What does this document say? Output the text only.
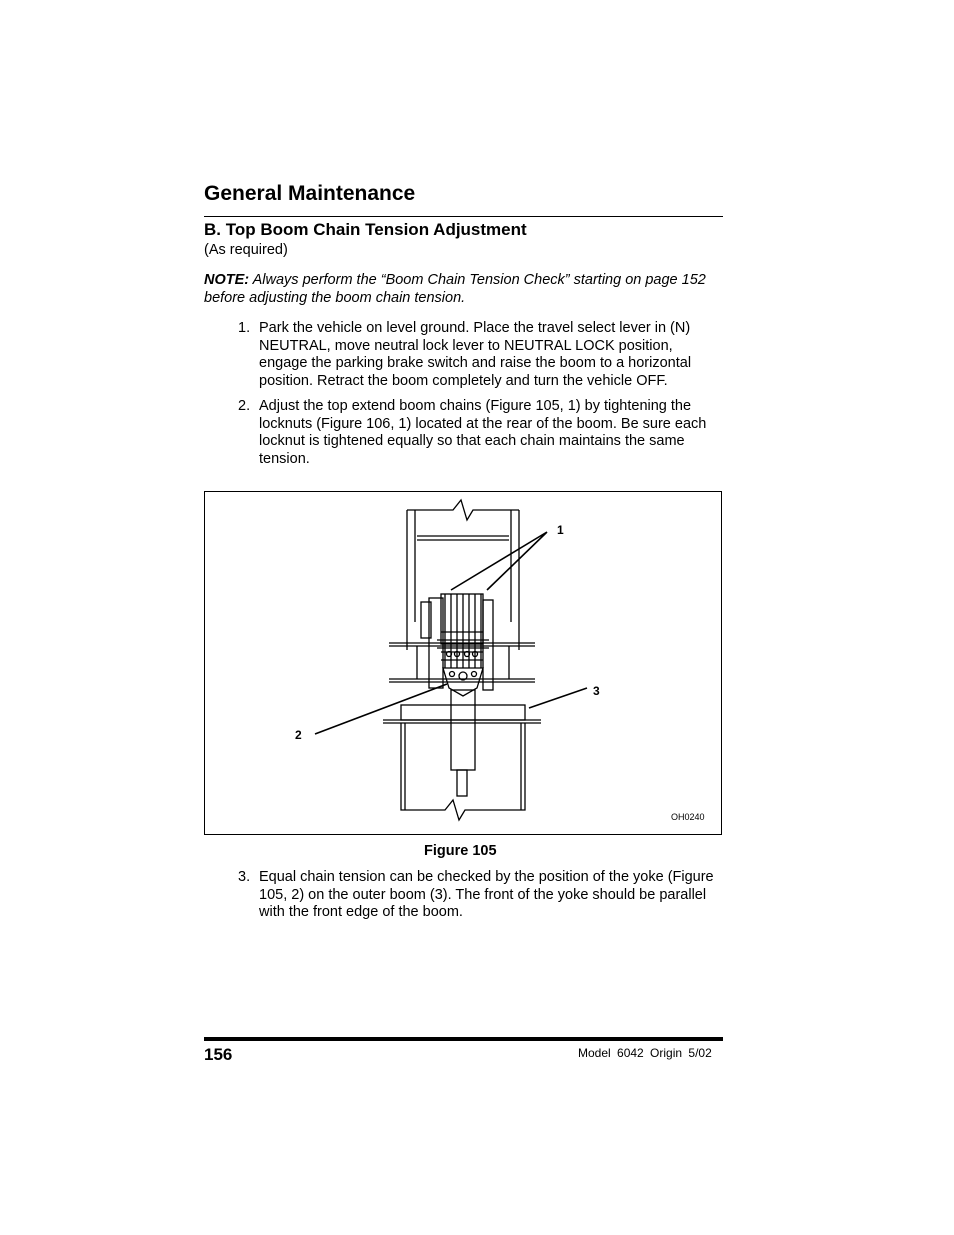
General Maintenance
B. Top Boom Chain Tension Adjustment
(As required)
NOTE: Always perform the “Boom Chain Tension Check” starting on page 152 before adjusting the boom chain tension.
1. Park the vehicle on level ground. Place the travel select lever in (N) NEUTRAL, move neutral lock lever to NEUTRAL LOCK position, engage the parking brake switch and raise the boom to a horizontal position. Retract the boom completely and turn the vehicle OFF.
2. Adjust the top extend boom chains (Figure 105, 1) by tightening the locknuts (Figure 106, 1) located at the rear of the boom. Be sure each locknut is tightened equally so that each chain maintains the same tension.
1
2
3
OH0240
Figure 105
3. Equal chain tension can be checked by the position of the yoke (Figure 105, 2) on the outer boom (3). The front of the yoke should be parallel with the front edge of the boom.
156	Model 6042 Origin 5/02
